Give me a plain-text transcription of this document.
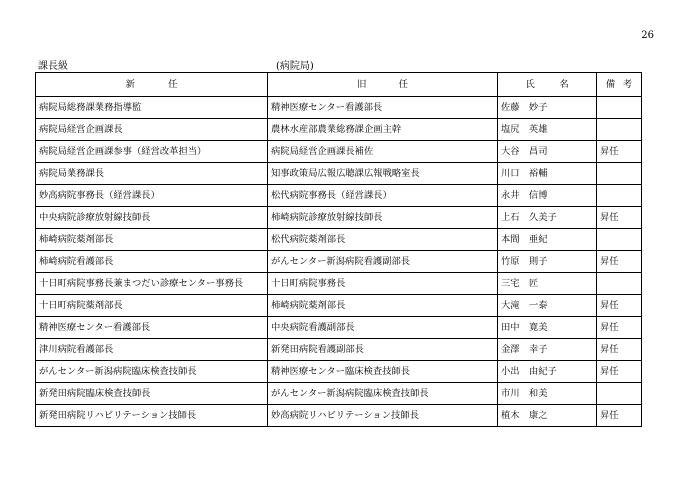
26
課長級	(病院局)
新 任	旧 任	氏 名	備 考

病院局総務課業務指導監	精神医療センター看護部長	佐藤　妙子	
病院局経営企画課長	農林水産部農業総務課企画主幹	塩尻　英雄	
病院局経営企画課参事（経営改革担当）	病院局経営企画課長補佐	大谷　昌司	昇任
病院局業務課長	知事政策局広報広聴課広報戦略室長	川口　裕輔	
妙高病院事務長（経営課長）	松代病院事務長（経営課長）	永井　信博	
中央病院診療放射線技師長	柿崎病院診療放射線技師長	上石　久美子	昇任
柿崎病院薬剤部長	松代病院薬剤部長	本間　亜紀	
柿崎病院看護部長	がんセンター新潟病院看護副部長	竹原　則子	昇任
十日町病院事務長兼まつだい診療センター事務長	十日町病院事務長	三宅　匠	
十日町病院薬剤部長	柿崎病院薬剤部長	大滝　一泰	昇任
精神医療センター看護部長	中央病院看護副部長	田中　寛美	昇任
津川病院看護部長	新発田病院看護副部長	金澤　幸子	昇任
がんセンター新潟病院臨床検査技師長	精神医療センター臨床検査技師長	小出　由紀子	昇任
新発田病院臨床検査技師長	がんセンター新潟病院臨床検査技師長	市川　和美	
新発田病院リハビリテーション技師長	妙高病院リハビリテーション技師長	植木　康之	昇任
